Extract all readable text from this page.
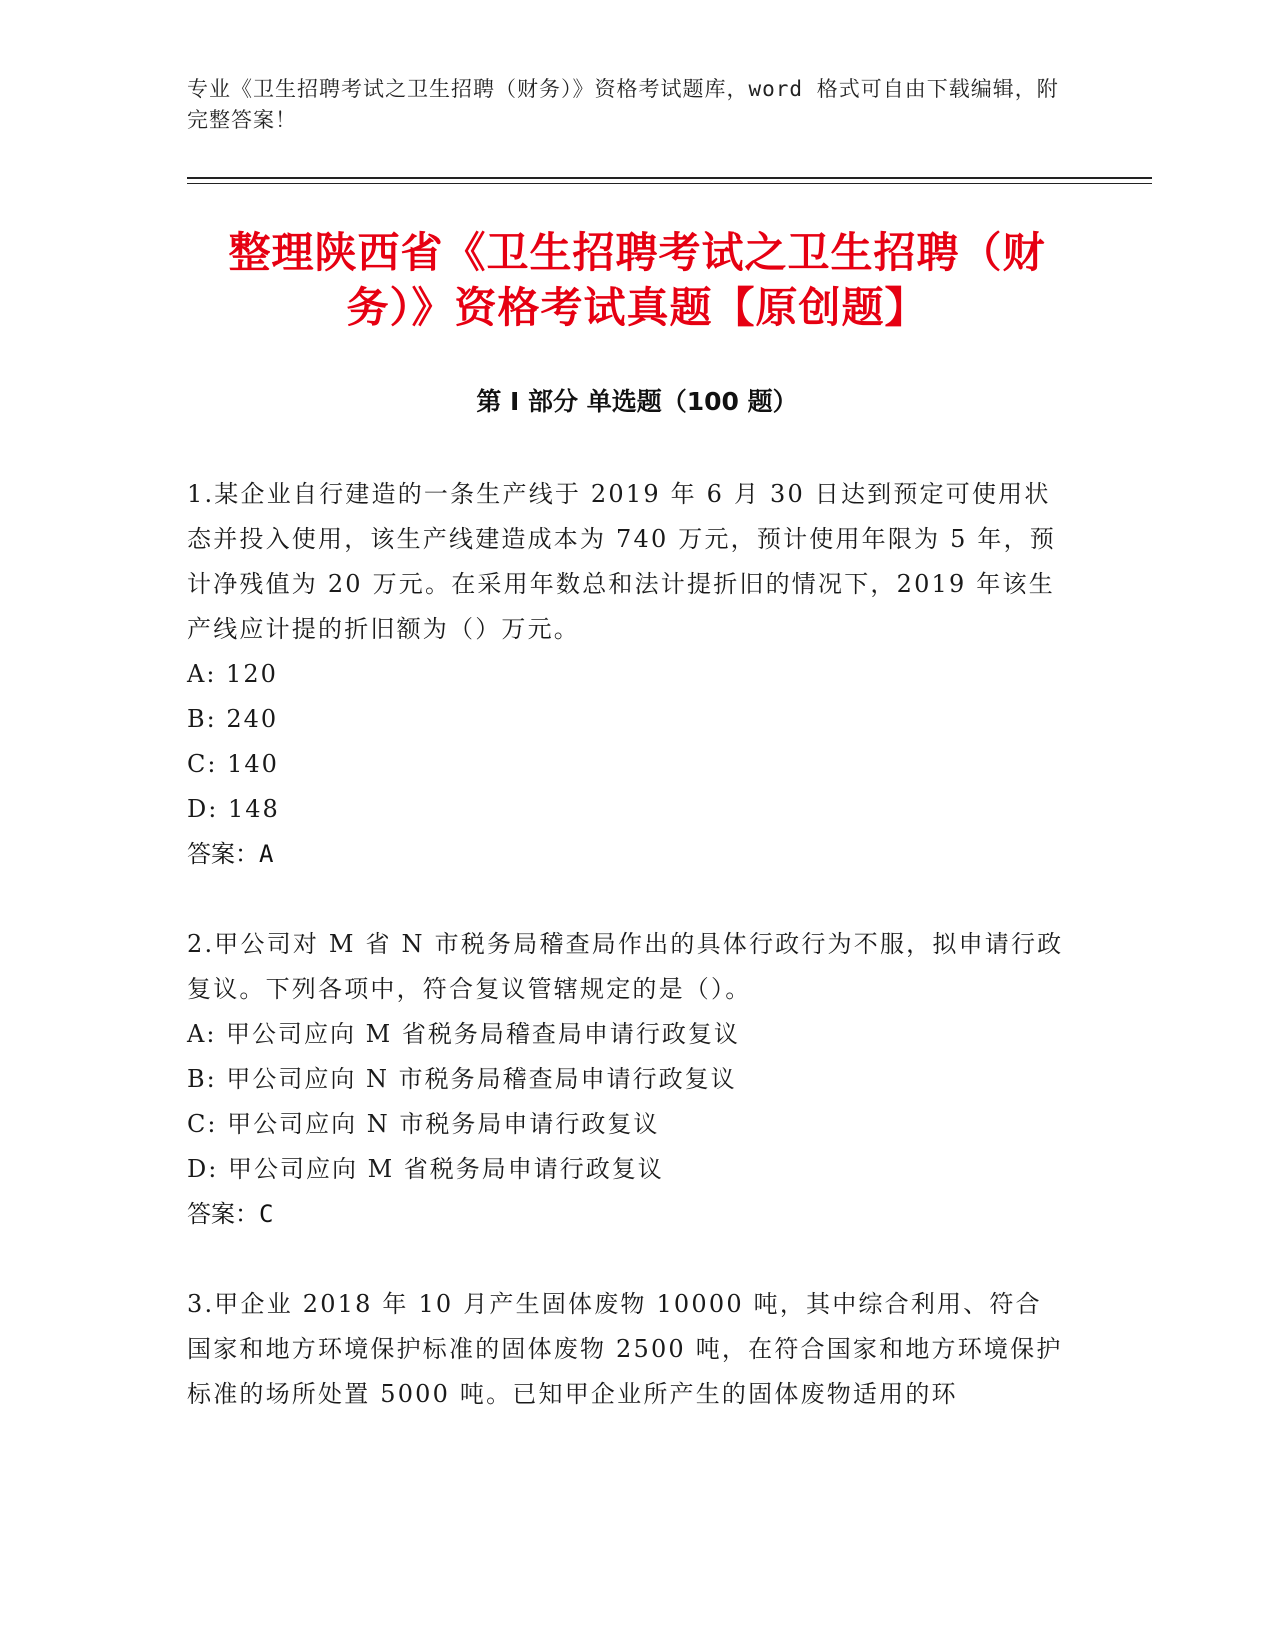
专业《卫生招聘考试之卫生招聘（财务）》资格考试题库，word 格式可自由下载编辑，附完整答案！

整理陕西省《卫生招聘考试之卫生招聘（财务）》资格考试真题【原创题】
第 I 部分 单选题（100 题）

1.某企业自行建造的一条生产线于 2019 年 6 月 30 日达到预定可使用状态并投入使用，该生产线建造成本为 740 万元，预计使用年限为 5 年，预计净残值为 20 万元。在采用年数总和法计提折旧的情况下，2019 年该生产线应计提的折旧额为（）万元。

A: 120

B: 240

C: 140

D: 148

答案：A

2.甲公司对 M 省 N 市税务局稽查局作出的具体行政行为不服，拟申请行政复议。下列各项中，符合复议管辖规定的是（）。

A: 甲公司应向 M 省税务局稽查局申请行政复议

B: 甲公司应向 N 市税务局稽查局申请行政复议

C: 甲公司应向 N 市税务局申请行政复议

D: 甲公司应向 M 省税务局申请行政复议

答案：C

3.甲企业 2018 年 10 月产生固体废物 10000 吨，其中综合利用、符合国家和地方环境保护标准的固体废物 2500 吨，在符合国家和地方环境保护标准的场所处置 5000 吨。已知甲企业所产生的固体废物适用的环
